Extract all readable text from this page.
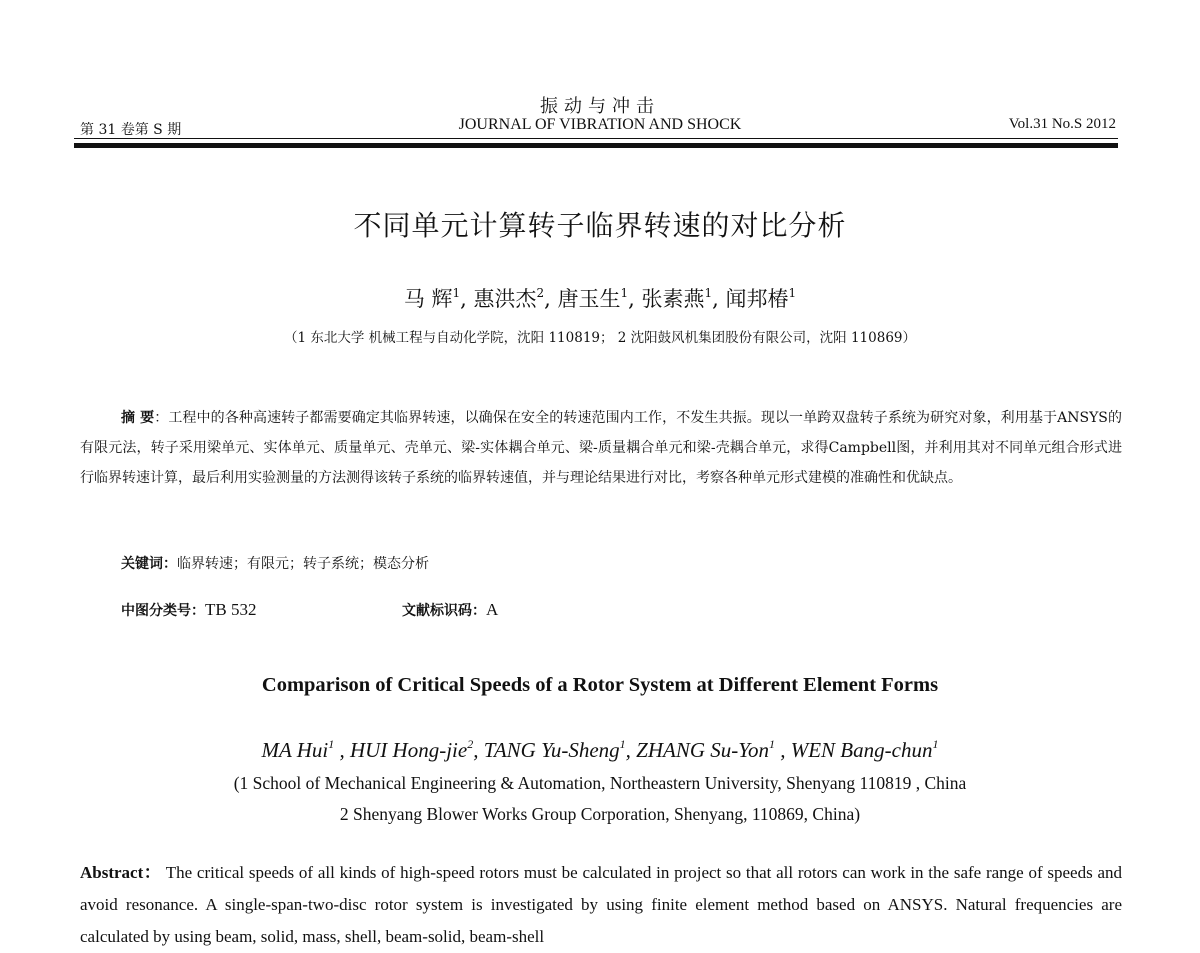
振动与冲击
JOURNAL OF VIBRATION AND SHOCK
第 31 卷第 S 期	Vol.31 No.S 2012
不同单元计算转子临界转速的对比分析
马 辉$^1$, 惠洪杰$^2$, 唐玉生$^1$, 张素燕$^1$, 闻邦椿$^1$
（1 东北大学 机械工程与自动化学院，沈阳 110819； 2 沈阳鼓风机集团股份有限公司，沈阳 110869）
摘 要：工程中的各种高速转子都需要确定其临界转速，以确保在安全的转速范围内工作，不发生共振。现以一单跨双盘转子系统为研究对象，利用基于ANSYS的有限元法，转子采用梁单元、实体单元、质量单元、壳单元、梁-实体耦合单元、梁-质量耦合单元和梁-壳耦合单元，求得Campbell图，并利用其对不同单元组合形式进行临界转速计算，最后利用实验测量的方法测得该转子系统的临界转速值，并与理论结果进行对比，考察各种单元形式建模的准确性和优缺点。
关键词：临界转速；有限元；转子系统；模态分析
中图分类号：TB 532	文献标识码：A
Comparison of Critical Speeds of a Rotor System at Different Element Forms
MA Hui$^1$ , HUI Hong-jie$^2$, TANG Yu-Sheng$^1$, ZHANG Su-Yon$^1$ , WEN Bang-chun$^1$
(1 School of Mechanical Engineering & Automation, Northeastern University, Shenyang 110819 , China
2 Shenyang Blower Works Group Corporation, Shenyang, 110869, China)
Abstract： The critical speeds of all kinds of high-speed rotors must be calculated in project so that all rotors can work in the safe range of speeds and avoid resonance. A single-span-two-disc rotor system is investigated by using finite element method based on ANSYS. Natural frequencies are calculated by using beam, solid, mass, shell, beam-solid, beam-shell
